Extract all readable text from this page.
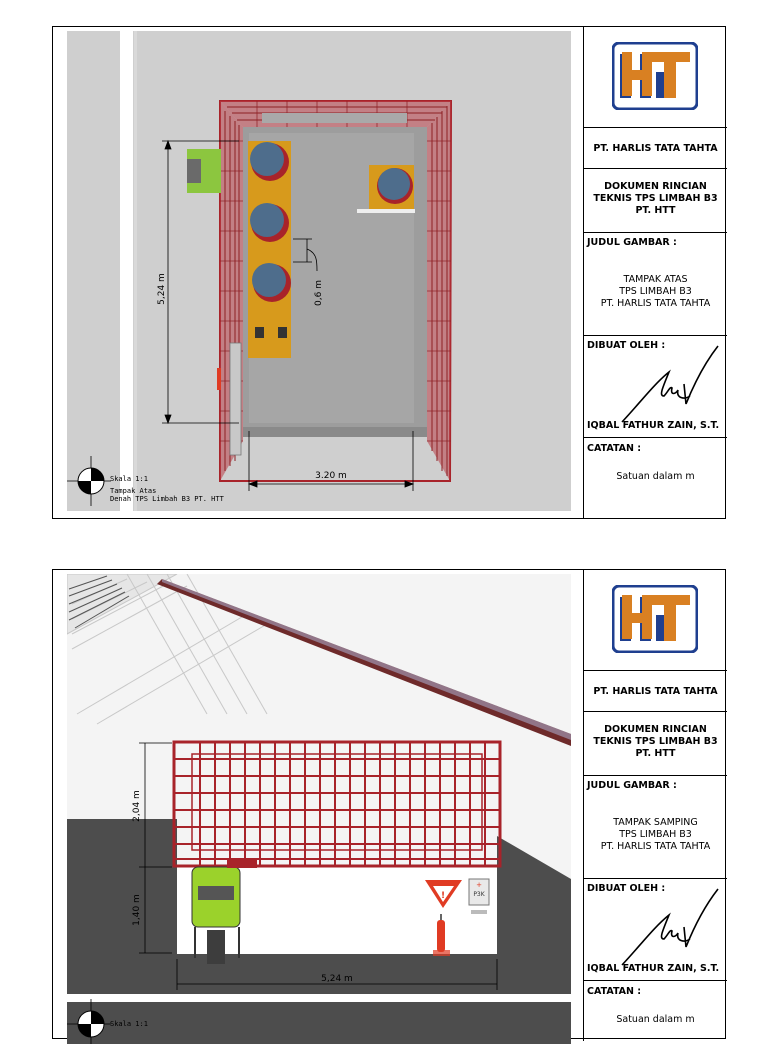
5,24 m	0,6 m
3.20 m
Skala 1:1
Tampak Atas
Denah TPS Limbah B3 PT. HTT
PT. HARLIS TATA TAHTA
DOKUMEN RINCIAN TEKNIS TPS LIMBAH B3 PT. HTT
JUDUL GAMBAR :
TAMPAK ATAS
TPS LIMBAH B3
PT. HARLIS TATA TAHTA
DIBUAT OLEH :
IQBAL FATHUR ZAIN, S.T.
CATATAN :
Satuan dalam m
!
+
P3K
2,04 m
1,40 m
5,24 m
Skala 1:1
PT. HARLIS TATA TAHTA
DOKUMEN RINCIAN TEKNIS TPS LIMBAH B3 PT. HTT
JUDUL GAMBAR :
TAMPAK SAMPING
TPS LIMBAH B3
PT. HARLIS TATA TAHTA
DIBUAT OLEH :
IQBAL FATHUR ZAIN, S.T.
CATATAN :
Satuan dalam m
